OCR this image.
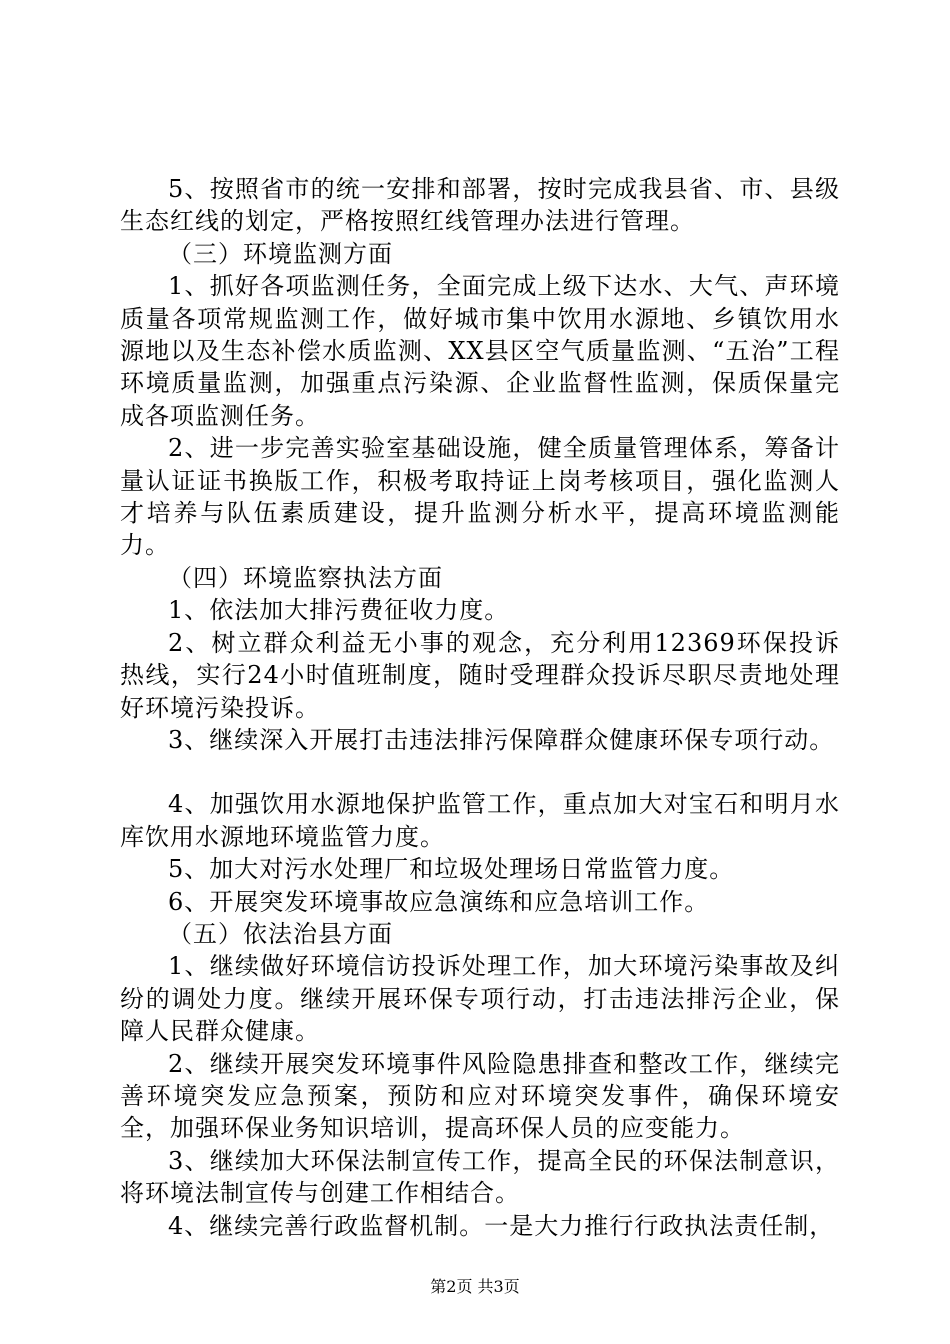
5、按照省市的统一安排和部署，按时完成我县省、市、县级生态红线的划定，严格按照红线管理办法进行管理。

（三）环境监测方面

1、抓好各项监测任务，全面完成上级下达水、大气、声环境质量各项常规监测工作，做好城市集中饮用水源地、乡镇饮用水源地以及生态补偿水质监测、XX县区空气质量监测、“五治”工程环境质量监测，加强重点污染源、企业监督性监测，保质保量完成各项监测任务。

2、进一步完善实验室基础设施，健全质量管理体系，筹备计量认证证书换版工作，积极考取持证上岗考核项目，强化监测人才培养与队伍素质建设，提升监测分析水平，提高环境监测能力。

（四）环境监察执法方面

1、依法加大排污费征收力度。

2、树立群众利益无小事的观念，充分利用12369环保投诉热线，实行24小时值班制度，随时受理群众投诉尽职尽责地处理好环境污染投诉。

3、继续深入开展打击违法排污保障群众健康环保专项行动。

4、加强饮用水源地保护监管工作，重点加大对宝石和明月水库饮用水源地环境监管力度。

5、加大对污水处理厂和垃圾处理场日常监管力度。

6、开展突发环境事故应急演练和应急培训工作。

（五）依法治县方面

1、继续做好环境信访投诉处理工作，加大环境污染事故及纠纷的调处力度。继续开展环保专项行动，打击违法排污企业，保障人民群众健康。

2、继续开展突发环境事件风险隐患排查和整改工作，继续完善环境突发应急预案，预防和应对环境突发事件，确保环境安全，加强环保业务知识培训，提高环保人员的应变能力。

3、继续加大环保法制宣传工作，提高全民的环保法制意识，将环境法制宣传与创建工作相结合。

4、继续完善行政监督机制。一是大力推行行政执法责任制，

第2页 共3页
